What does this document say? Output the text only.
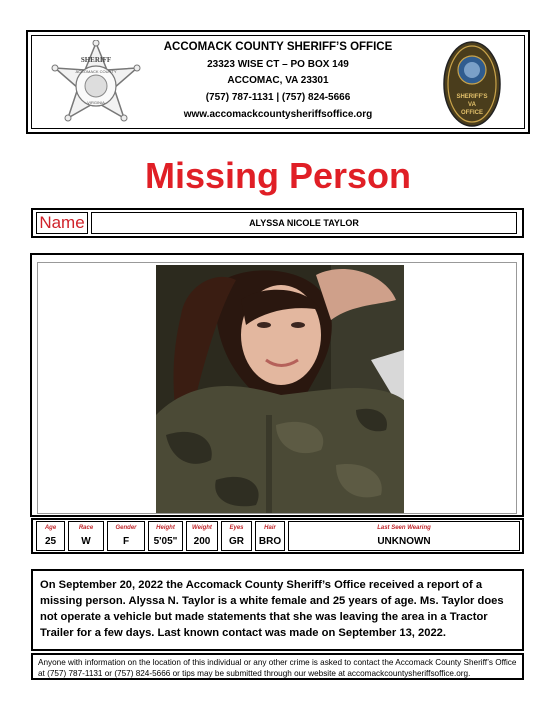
SHERIFF
ACCOMACK COUNTY
VIRGINIA
ACCOMACK COUNTY SHERIFF’S OFFICE
23323 WISE CT – PO BOX 149
ACCOMAC, VA 23301
(757) 787-1131 | (757) 824-5666
www.accomackcountysheriffsoffice.org
SHERIFF'S
VA
OFFICE
Missing Person
Name	ALYSSA NICOLE TAYLOR
Age
25
Race
W
Gender
F
Height
5'05"
Weight
200
Eyes
GR
Hair
BRO
Last Seen Wearing
UNKNOWN
On September 20, 2022 the Accomack County Sheriff’s Office received a report of a missing person. Alyssa N. Taylor is a white female and 25 years of age. Ms. Taylor does not operate a vehicle but made statements that she was leaving the area in a Tractor Trailer for a few days. Last known contact was made on September 13, 2022.
Anyone with information on the location of this individual or any other crime is asked to contact the Accomack County Sheriff’s Office at (757) 787-1131 or (757) 824-5666 or tips may be submitted through our website at accomackcountysheriffsoffice.org.
